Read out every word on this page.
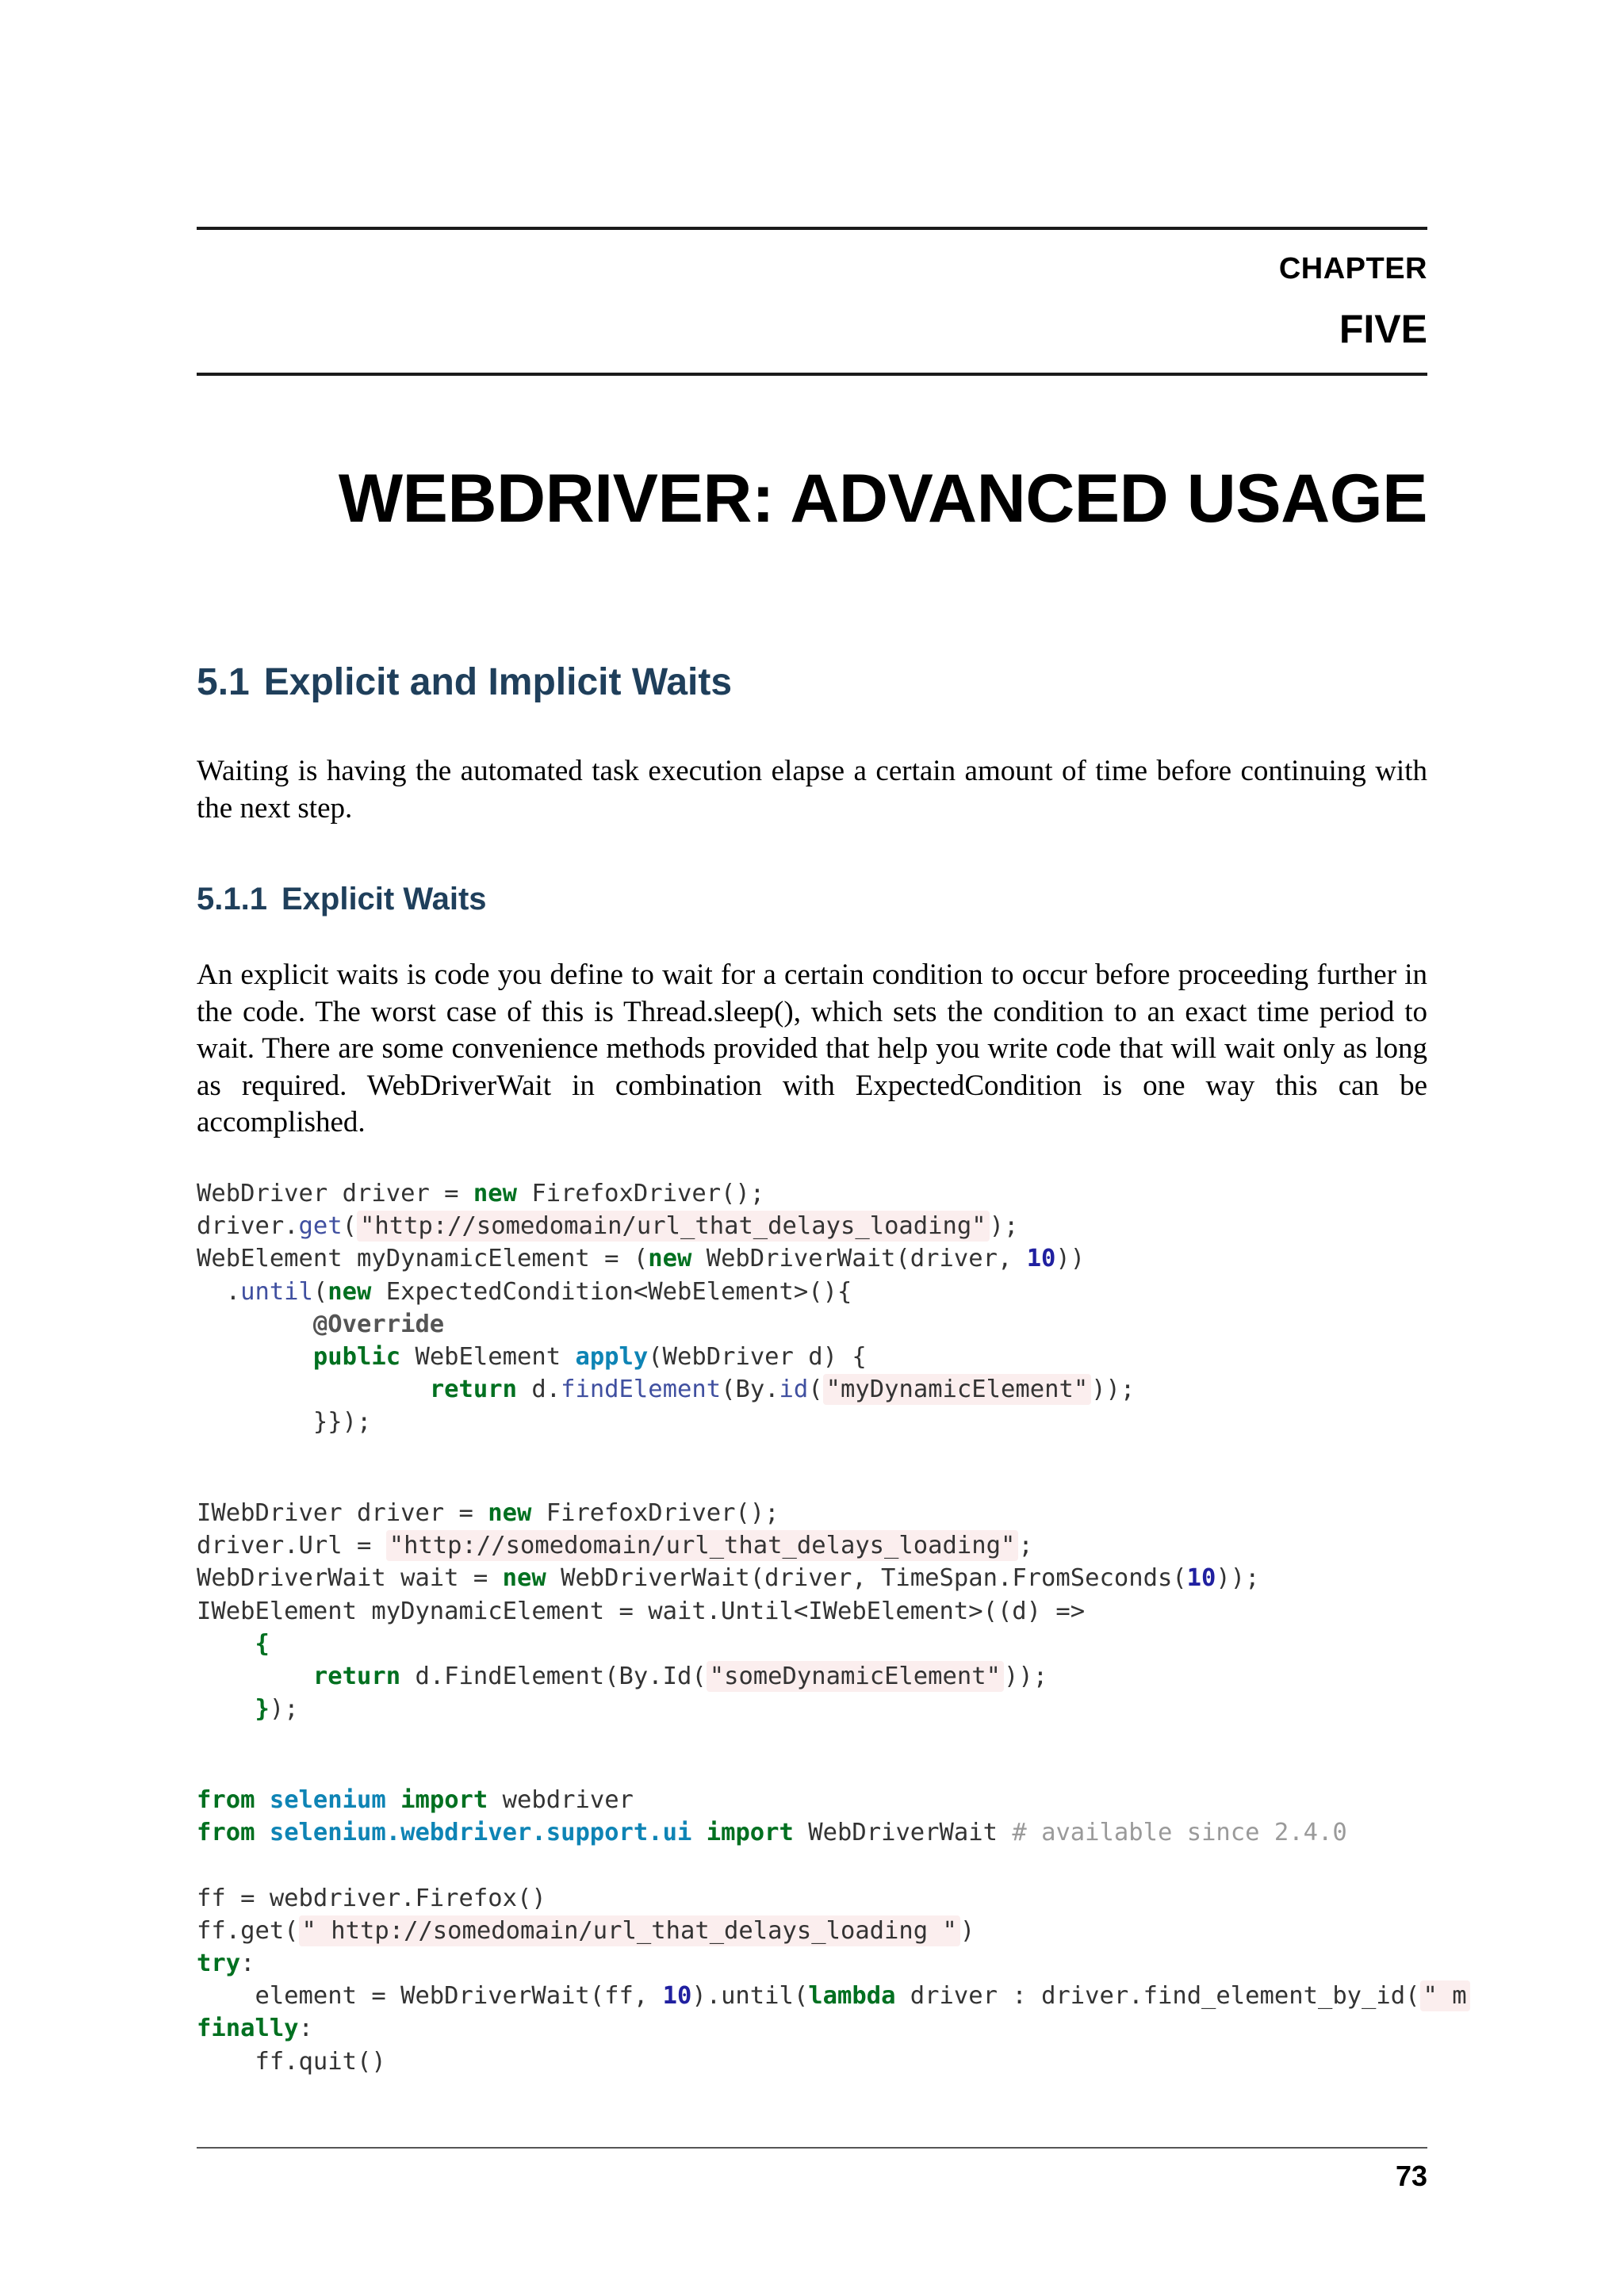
CHAPTER
FIVE
WEBDRIVER: ADVANCED USAGE
5.1 Explicit and Implicit Waits
Waiting is having the automated task execution elapse a certain amount of time before continuing with the next step.
5.1.1 Explicit Waits
An explicit waits is code you define to wait for a certain condition to occur before proceeding further in the code. The worst case of this is Thread.sleep(), which sets the condition to an exact time period to wait. There are some convenience methods provided that help you write code that will wait only as long as required. WebDriverWait in combination with ExpectedCondition is one way this can be accomplished.
WebDriver driver = new FirefoxDriver();
driver.get( "http://somedomain/url_that_delays_loading" );
WebElement myDynamicElement = (new WebDriverWait(driver, 10))
.until(new ExpectedCondition<WebElement>(){
@Override
public WebElement apply(WebDriver d) {
return d.findElement(By.id( "myDynamicElement" ));
}});
IWebDriver driver = new FirefoxDriver();
driver.Url = "http://somedomain/url_that_delays_loading" ;
WebDriverWait wait = new WebDriverWait(driver, TimeSpan.FromSeconds(10));
IWebElement myDynamicElement = wait.Until<IWebElement>((d) =>
{
return d.FindElement(By.Id( "someDynamicElement" ));
});
from selenium import webdriver
from selenium.webdriver.support.ui import WebDriverWait # available since 2.4.0
ff = webdriver.Firefox()
ff.get( " http://somedomain/url_that_delays_loading " )
try:
element = WebDriverWait(ff, 10).until(lambda driver : driver.find_element_by_id( " m
finally:
ff.quit()
73
